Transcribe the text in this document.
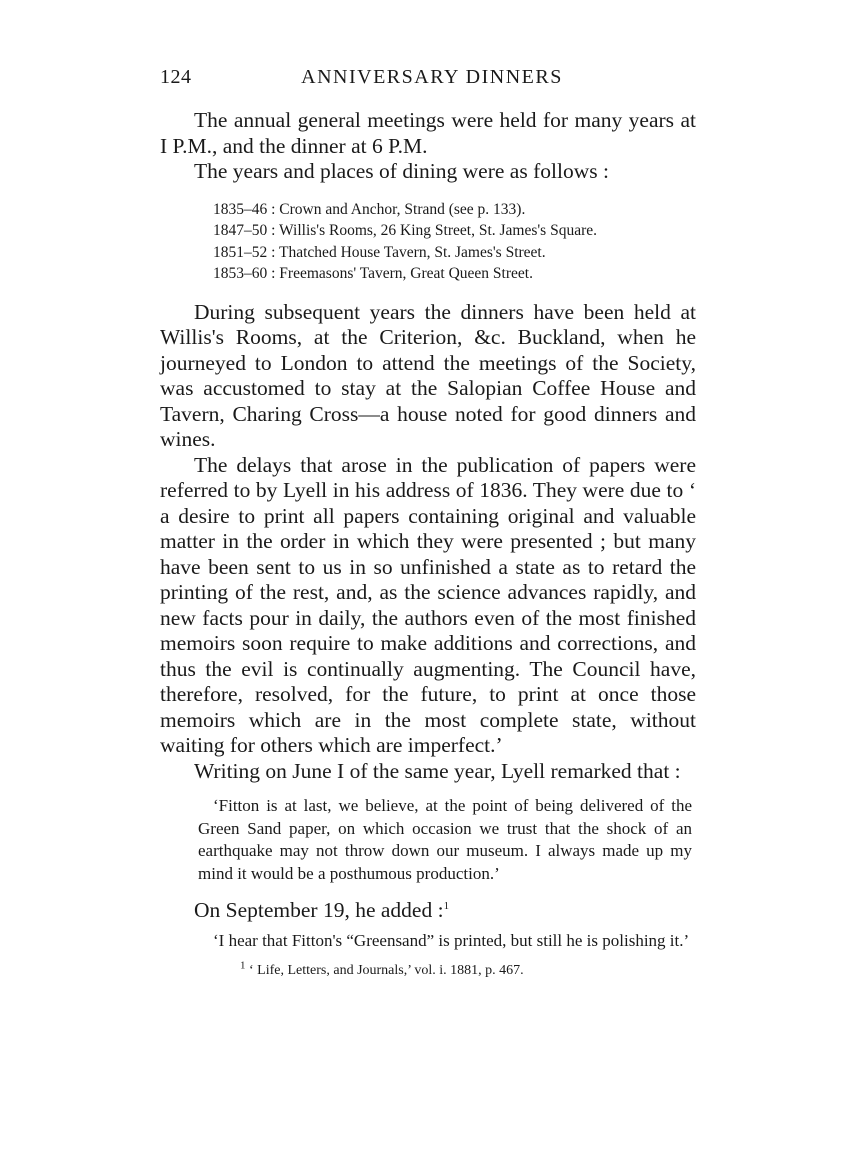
124	ANNIVERSARY DINNERS

The annual general meetings were held for many years at I P.M., and the dinner at 6 P.M.

The years and places of dining were as follows :

1835–46 : Crown and Anchor, Strand (see p. 133).
1847–50 : Willis's Rooms, 26 King Street, St. James's Square.
1851–52 : Thatched House Tavern, St. James's Street.
1853–60 : Freemasons' Tavern, Great Queen Street.

During subsequent years the dinners have been held at Willis's Rooms, at the Criterion, &c. Buckland, when he journeyed to London to attend the meetings of the Society, was accustomed to stay at the Salopian Coffee House and Tavern, Charing Cross—a house noted for good dinners and wines.

The delays that arose in the publication of papers were referred to by Lyell in his address of 1836. They were due to ‘ a desire to print all papers containing original and valuable matter in the order in which they were presented ; but many have been sent to us in so unfinished a state as to retard the printing of the rest, and, as the science advances rapidly, and new facts pour in daily, the authors even of the most finished memoirs soon require to make additions and corrections, and thus the evil is continually augmenting. The Council have, therefore, resolved, for the future, to print at once those memoirs which are in the most complete state, without waiting for others which are imperfect.’

Writing on June I of the same year, Lyell remarked that :

‘Fitton is at last, we believe, at the point of being delivered of the Green Sand paper, on which occasion we trust that the shock of an earthquake may not throw down our museum. I always made up my mind it would be a posthumous production.’

On September 19, he added :$^1$

‘I hear that Fitton's “Greensand” is printed, but still he is polishing it.’
$^1$ ‘ Life, Letters, and Journals,’ vol. i. 1881, p. 467.
